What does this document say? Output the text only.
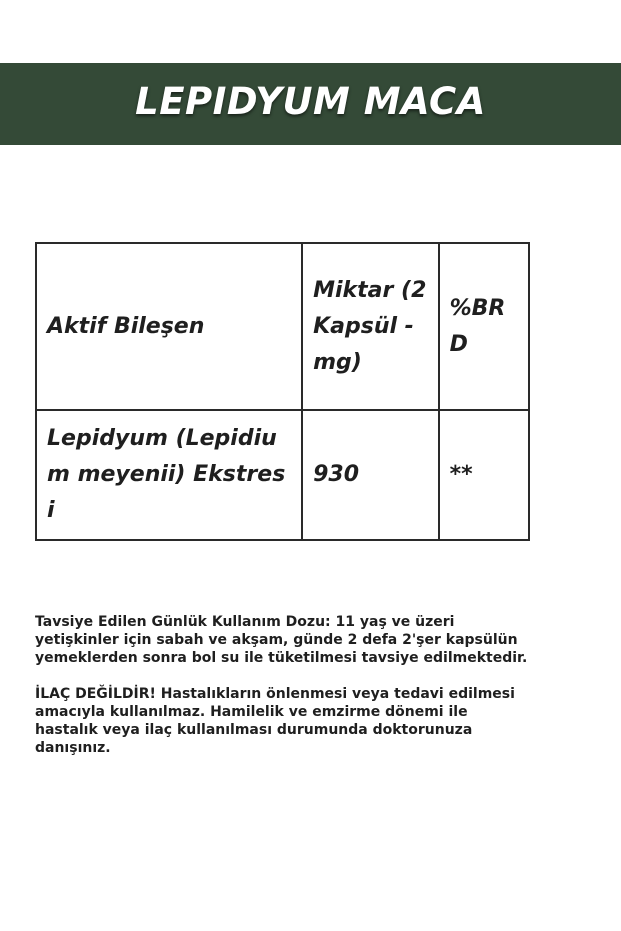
LEPIDYUM MACA
Aktif Bileşen	Miktar (2 Kapsül - mg)	%BRD
Lepidyum (Lepidium meyenii) Ekstresi	930	**

Tavsiye Edilen Günlük Kullanım Dozu: 11 yaş ve üzeri yetişkinler için sabah ve akşam, günde 2 defa 2'şer kapsülün yemeklerden sonra bol su ile tüketilmesi tavsiye edilmektedir.

İLAÇ DEĞİLDİR! Hastalıkların önlenmesi veya tedavi edilmesi amacıyla kullanılmaz. Hamilelik ve emzirme dönemi ile hastalık veya ilaç kullanılması durumunda doktorunuza danışınız.
